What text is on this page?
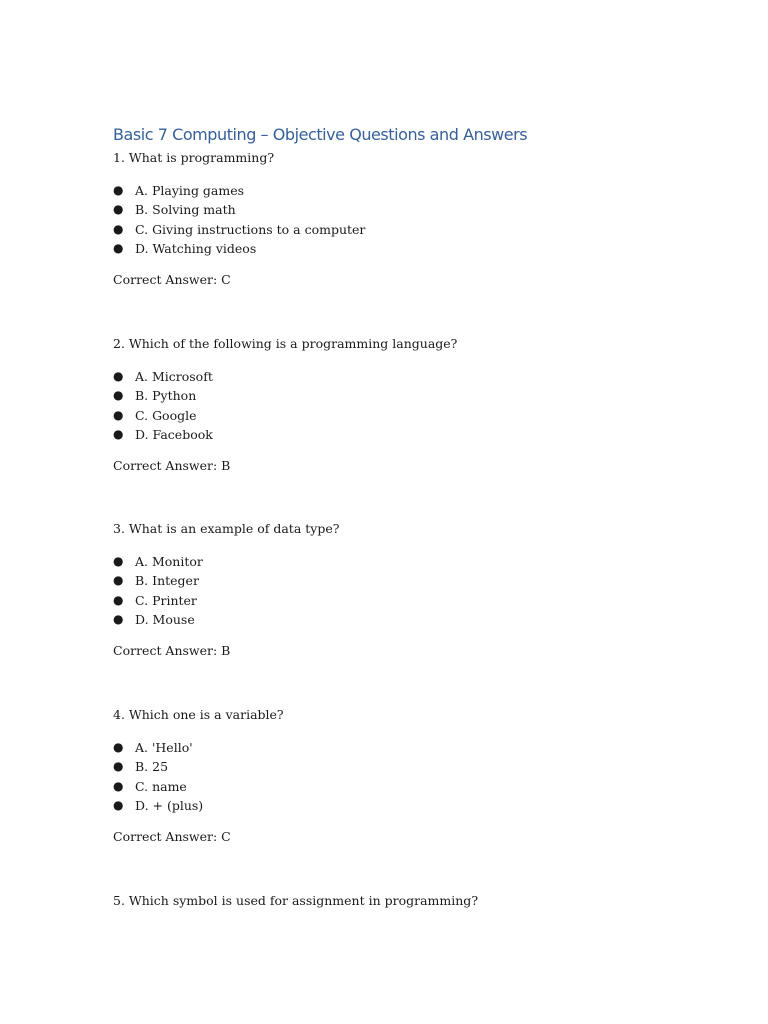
Basic 7 Computing – Objective Questions and Answers

1. What is programming?

● A. Playing games
● B. Solving math
● C. Giving instructions to a computer
● D. Watching videos

Correct Answer: C

2. Which of the following is a programming language?

● A. Microsoft
● B. Python
● C. Google
● D. Facebook

Correct Answer: B

3. What is an example of data type?

● A. Monitor
● B. Integer
● C. Printer
● D. Mouse

Correct Answer: B

4. Which one is a variable?

● A. 'Hello'
● B. 25
● C. name
● D. + (plus)

Correct Answer: C

5. Which symbol is used for assignment in programming?
